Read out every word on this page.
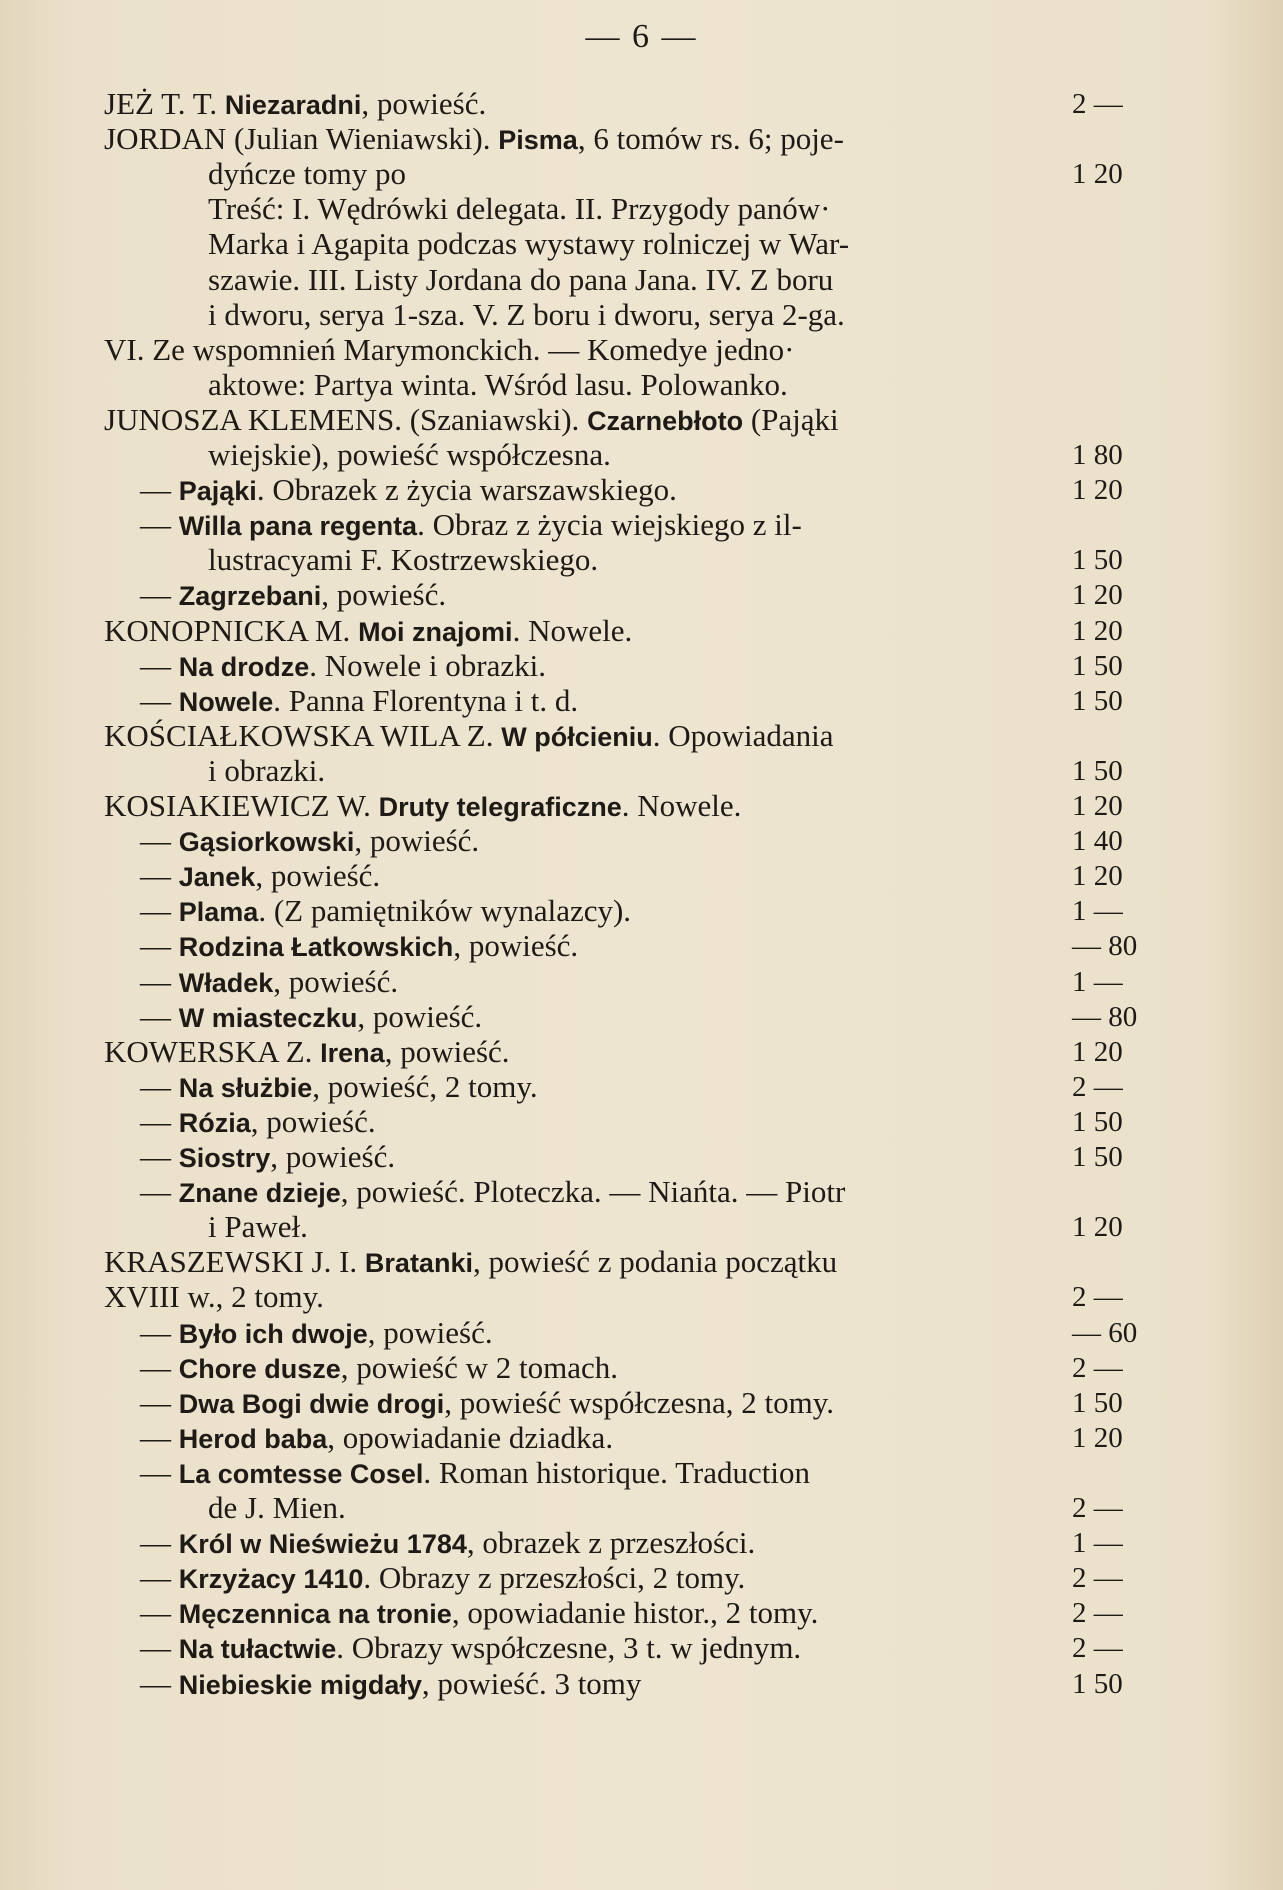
— 6 —
JEŻ T. T. Niezaradni, powieść.	2 —
JORDAN (Julian Wieniawski). Pisma, 6 tomów rs. 6; poje-
dyńcze tomy po	1 20
Treść: I. Wędrówki delegata. II. Przygody panów·
Marka i Agapita podczas wystawy rolniczej w War-
szawie. III. Listy Jordana do pana Jana. IV. Z boru
i dworu, serya 1-sza. V. Z boru i dworu, serya 2-ga.
VI. Ze wspomnień Marymonckich. — Komedye jedno·
aktowe: Partya winta. Wśród lasu. Polowanko.
JUNOSZA KLEMENS. (Szaniawski). Czarnebłoto (Pająki
wiejskie), powieść współczesna.	1 80
— Pająki. Obrazek z życia warszawskiego.	1 20
— Willa pana regenta. Obraz z życia wiejskiego z il-
lustracyami F. Kostrzewskiego.	1 50
— Zagrzebani, powieść.	1 20
KONOPNICKA M. Moi znajomi. Nowele.	1 20
— Na drodze. Nowele i obrazki.	1 50
— Nowele. Panna Florentyna i t. d.	1 50
KOŚCIAŁKOWSKA WILA Z. W półcieniu. Opowiadania
i obrazki.	1 50
KOSIAKIEWICZ W. Druty telegraficzne. Nowele.	1 20
— Gąsiorkowski, powieść.	1 40
— Janek, powieść.	1 20
— Plama. (Z pamiętników wynalazcy).	1 —
— Rodzina Łatkowskich, powieść.	— 80
— Władek, powieść.	1 —
— W miasteczku, powieść.	— 80
KOWERSKA Z. Irena, powieść.	1 20
— Na służbie, powieść, 2 tomy.	2 —
— Rózia, powieść.	1 50
— Siostry, powieść.	1 50
— Znane dzieje, powieść. Ploteczka. — Niańta. — Piotr
i Paweł.	1 20
KRASZEWSKI J. I. Bratanki, powieść z podania początku
XVIII w., 2 tomy.	2 —
— Było ich dwoje, powieść.	— 60
— Chore dusze, powieść w 2 tomach.	2 —
— Dwa Bogi dwie drogi, powieść współczesna, 2 tomy.	1 50
— Herod baba, opowiadanie dziadka.	1 20
— La comtesse Cosel. Roman historique. Traduction
de J. Mien.	2 —
— Król w Nieświeżu 1784, obrazek z przeszłości.	1 —
— Krzyżacy 1410. Obrazy z przeszłości, 2 tomy.	2 —
— Męczennica na tronie, opowiadanie histor., 2 tomy.	2 —
— Na tułactwie. Obrazy współczesne, 3 t. w jednym.	2 —
— Niebieskie migdały, powieść. 3 tomy	1 50
